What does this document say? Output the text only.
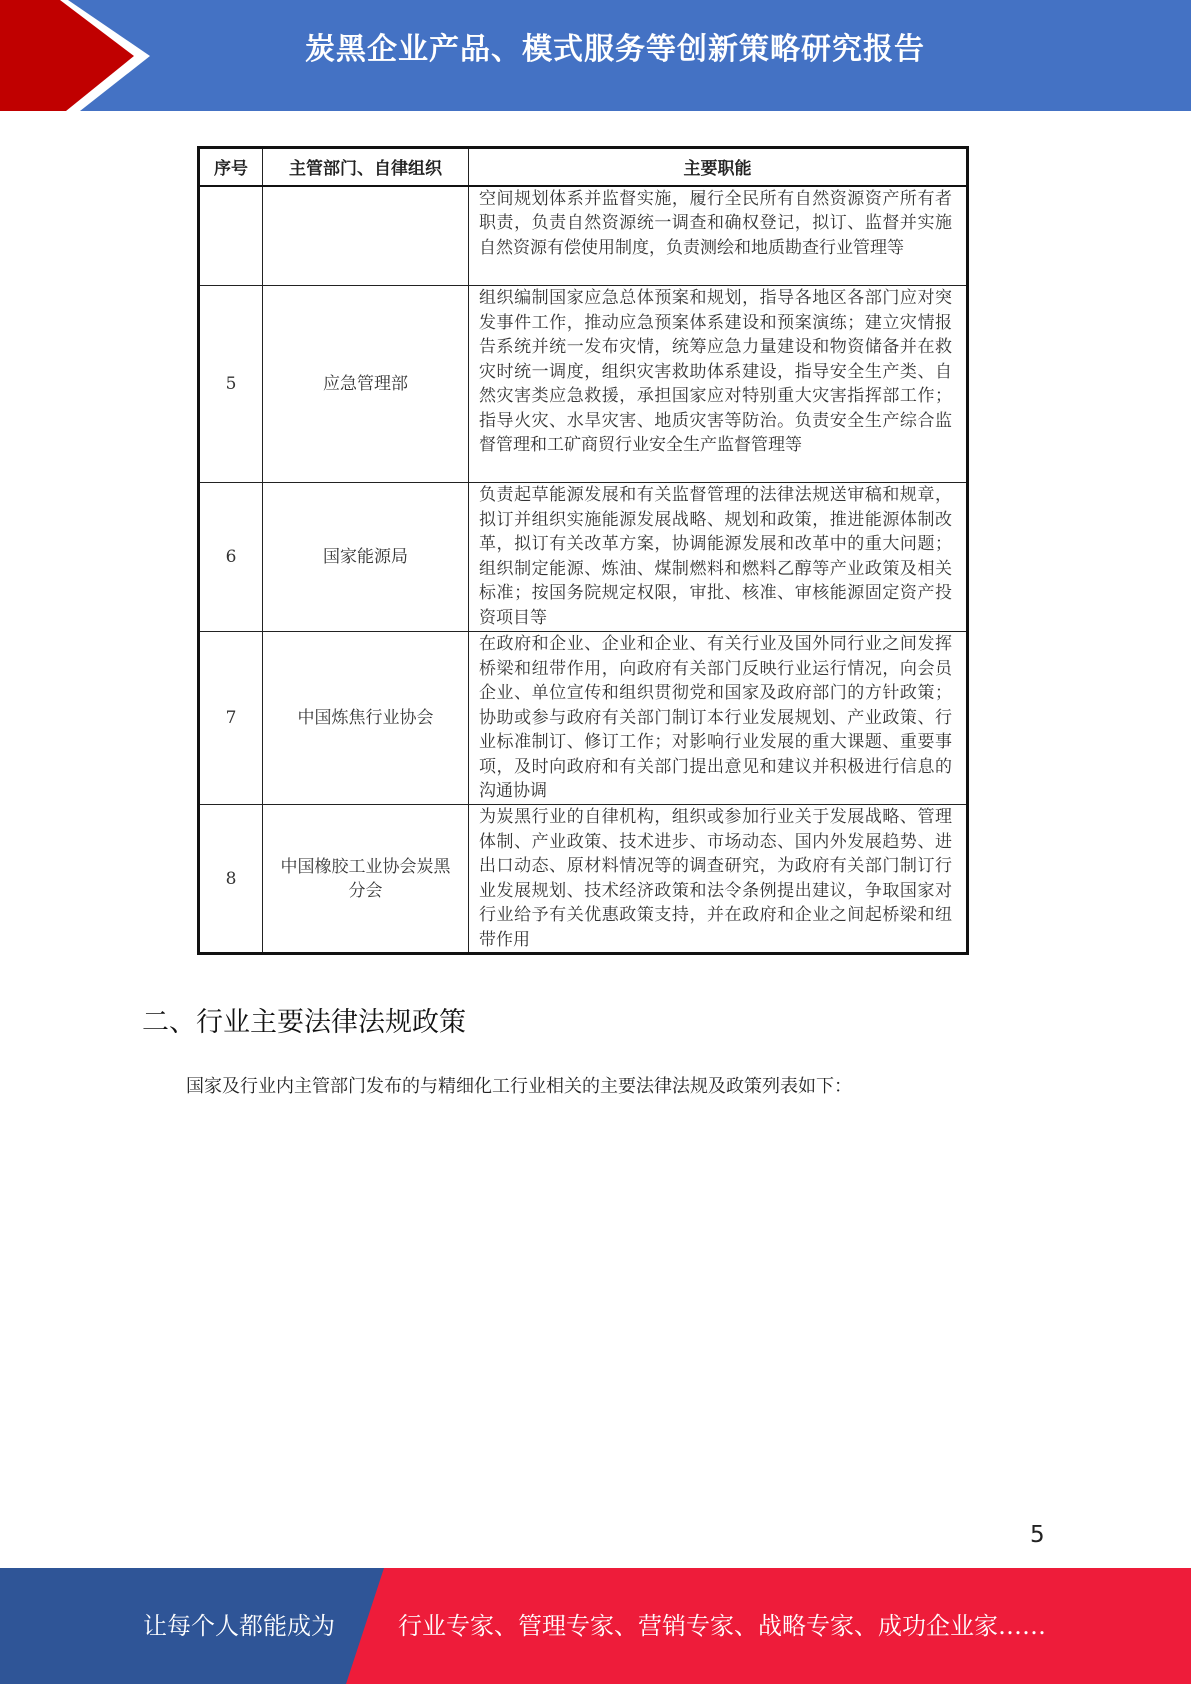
炭黑企业产品、模式服务等创新策略研究报告
序号	主管部门、自律组织	主要职能

	空间规划体系并监督实施，履行全民所有自然资源资产所有者职责，负责自然资源统一调查和确权登记，拟订、监督并实施自然资源有偿使用制度，负责测绘和地质勘查行业管理等
5	应急管理部	组织编制国家应急总体预案和规划，指导各地区各部门应对突发事件工作，推动应急预案体系建设和预案演练；建立灾情报告系统并统一发布灾情，统筹应急力量建设和物资储备并在救灾时统一调度，组织灾害救助体系建设，指导安全生产类、自然灾害类应急救援，承担国家应对特别重大灾害指挥部工作；指导火灾、水旱灾害、地质灾害等防治。负责安全生产综合监督管理和工矿商贸行业安全生产监督管理等
6	国家能源局	负责起草能源发展和有关监督管理的法律法规送审稿和规章，拟订并组织实施能源发展战略、规划和政策，推进能源体制改革，拟订有关改革方案，协调能源发展和改革中的重大问题；组织制定能源、炼油、煤制燃料和燃料乙醇等产业政策及相关标准；按国务院规定权限，审批、核准、审核能源固定资产投资项目等
7	中国炼焦行业协会	在政府和企业、企业和企业、有关行业及国外同行业之间发挥桥梁和纽带作用，向政府有关部门反映行业运行情况，向会员企业、单位宣传和组织贯彻党和国家及政府部门的方针政策；协助或参与政府有关部门制订本行业发展规划、产业政策、行业标准制订、修订工作；对影响行业发展的重大课题、重要事项，及时向政府和有关部门提出意见和建议并积极进行信息的沟通协调
8	中国橡胶工业协会炭黑分会	为炭黑行业的自律机构，组织或参加行业关于发展战略、管理体制、产业政策、技术进步、市场动态、国内外发展趋势、进出口动态、原材料情况等的调查研究，为政府有关部门制订行业发展规划、技术经济政策和法令条例提出建议，争取国家对行业给予有关优惠政策支持，并在政府和企业之间起桥梁和纽带作用
二、行业主要法律法规政策
国家及行业内主管部门发布的与精细化工行业相关的主要法律法规及政策列表如下：
5
让每个人都能成为	行业专家、管理专家、营销专家、战略专家、成功企业家……
